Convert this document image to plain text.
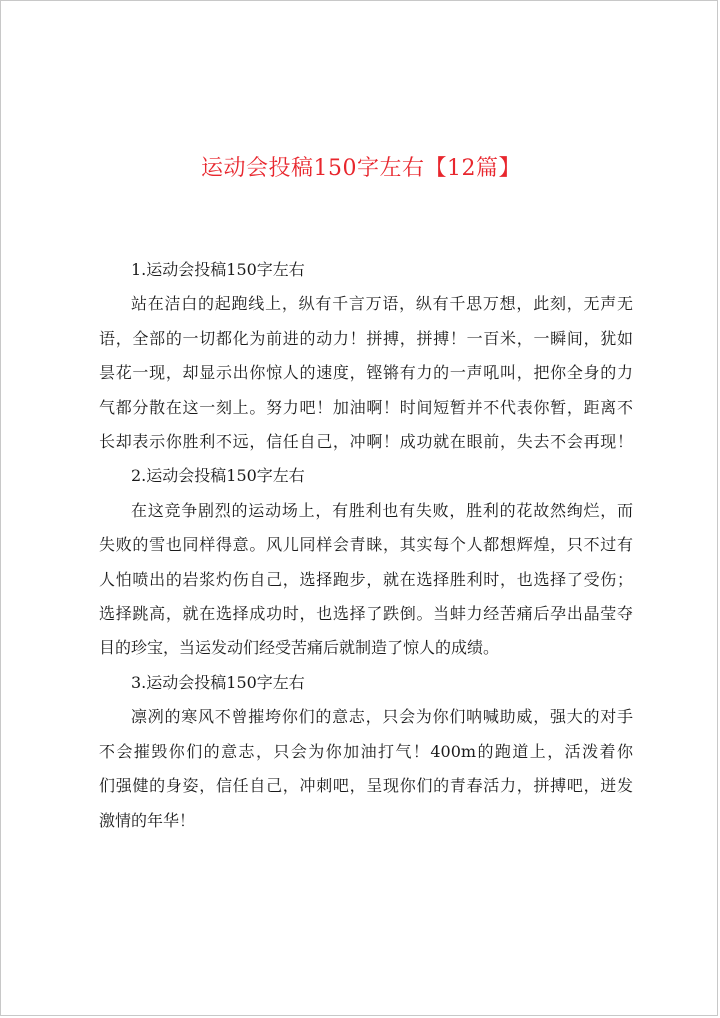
运动会投稿150字左右【12篇】

1.运动会投稿150字左右

站在洁白的起跑线上，纵有千言万语，纵有千思万想，此刻，无声无
语，全部的一切都化为前进的动力！拼搏，拼搏！一百米，一瞬间，犹如
昙花一现，却显示出你惊人的速度，铿锵有力的一声吼叫，把你全身的力
气都分散在这一刻上。努力吧！加油啊！时间短暂并不代表你暂，距离不
长却表示你胜利不远，信任自己，冲啊！成功就在眼前，失去不会再现！

2.运动会投稿150字左右

在这竞争剧烈的运动场上，有胜利也有失败，胜利的花故然绚烂，而
失败的雪也同样得意。风儿同样会青睐，其实每个人都想辉煌，只不过有
人怕喷出的岩浆灼伤自己，选择跑步，就在选择胜利时，也选择了受伤；
选择跳高，就在选择成功时，也选择了跌倒。当蚌力经苦痛后孕出晶莹夺
目的珍宝，当运发动们经受苦痛后就制造了惊人的成绩。

3.运动会投稿150字左右

凛冽的寒风不曾摧垮你们的意志，只会为你们呐喊助威，强大的对手
不会摧毁你们的意志，只会为你加油打气！400m的跑道上，活泼着你
们强健的身姿，信任自己，冲刺吧，呈现你们的青春活力，拼搏吧，迸发
激情的年华！
